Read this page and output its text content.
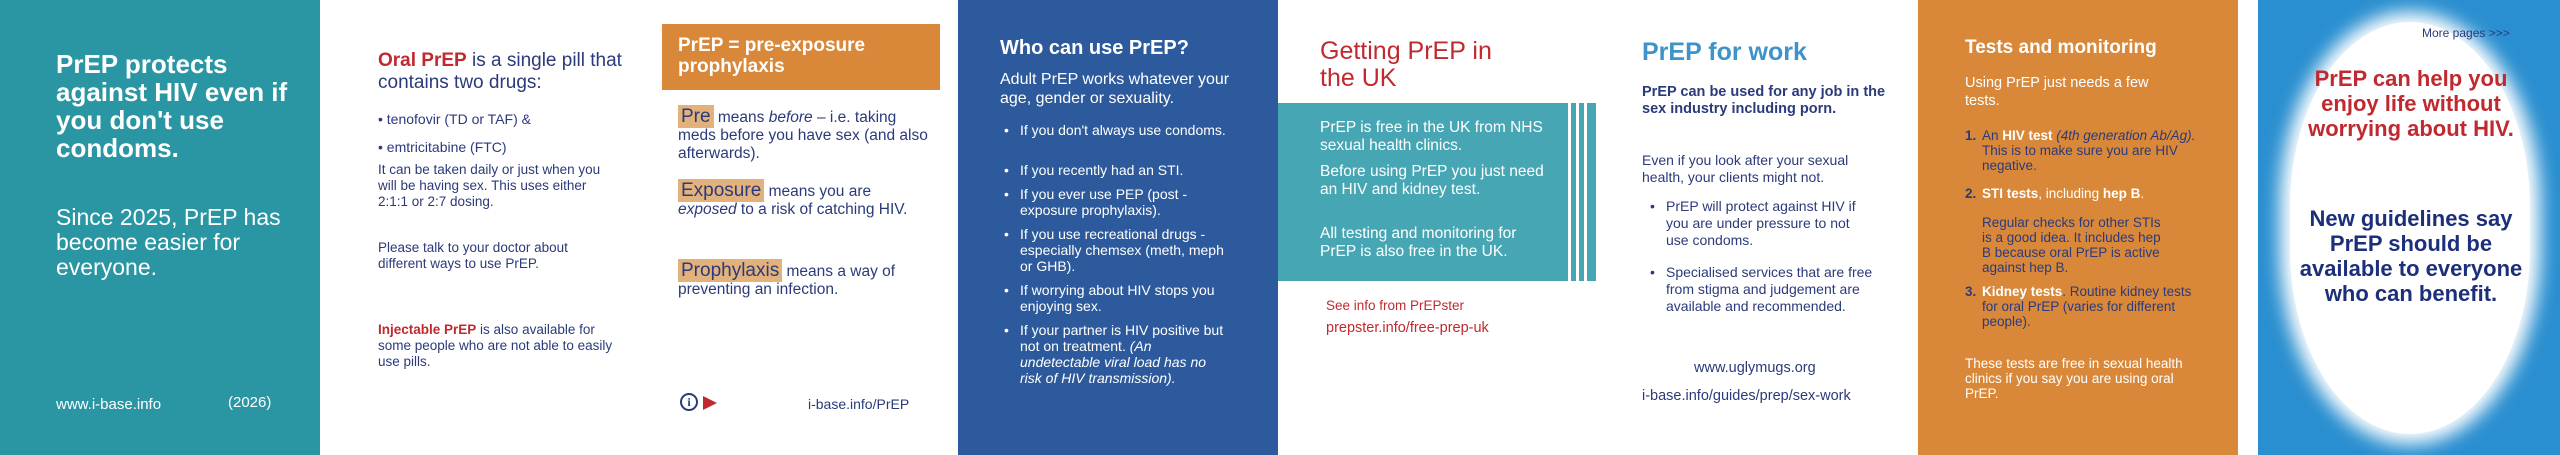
PrEP protects against HIV even if you don't use condoms.
Since 2025, PrEP has become easier for everyone.
www.i-base.info	(2026)

Oral PrEP is a single pill that contains two drugs:

• tenofovir (TD or TAF) &
• emtricitabine (FTC)

It can be taken daily or just when you will be having sex. This uses either 2:1:1 or 2:7 dosing.

Please talk to your doctor about different ways to use PrEP.

Injectable PrEP is also available for some people who are not able to easily use pills.

PrEP = pre-exposure prophylaxis

Pre means before – i.e. taking meds before you have sex (and also afterwards).

Exposure means you are exposed to a risk of catching HIV.

Prophylaxis means a way of preventing an infection.

i	i-base.info/PrEP
Who can use PrEP?

Adult PrEP works whatever your age, gender or sexuality.

• If you don't always use condoms.
• If you recently had an STI.
• If you ever use PEP (post -exposure prophylaxis).
• If you use recreational drugs - especially chemsex (meth, meph or GHB).
• If worrying about HIV stops you enjoying sex.
• If your partner is HIV positive but not on treatment. (An undetectable viral load has no risk of HIV transmission).
Getting PrEP in the UK

PrEP is free in the UK from NHS sexual health clinics.

Before using PrEP you just need an HIV and kidney test.

All testing and monitoring for PrEP is also free in the UK.

See info from PrEPster
prepster.info/free-prep-uk
PrEP for work

PrEP can be used for any job in the sex industry including porn.

Even if you look after your sexual health, your clients might not.

• PrEP will protect against HIV if you are under pressure to not use condoms.
• Specialised services that are free from stigma and judgement are available and recommended.
www.uglymugs.org
i-base.info/guides/prep/sex-work
Tests and monitoring

Using PrEP just needs a few tests.

1. An HIV test (4th generation Ab/Ag). This is to make sure you are HIV negative.
2. STI tests, including hep B.

Regular checks for other STIs is a good idea. It includes hep B because oral PrEP is active against hep B.

3. Kidney tests. Routine kidney tests for oral PrEP (varies for different people).

These tests are free in sexual health clinics if you say you are using oral PrEP.

More pages >>>

PrEP can help you enjoy life without worrying about HIV.

New guidelines say PrEP should be available to everyone who can benefit.
